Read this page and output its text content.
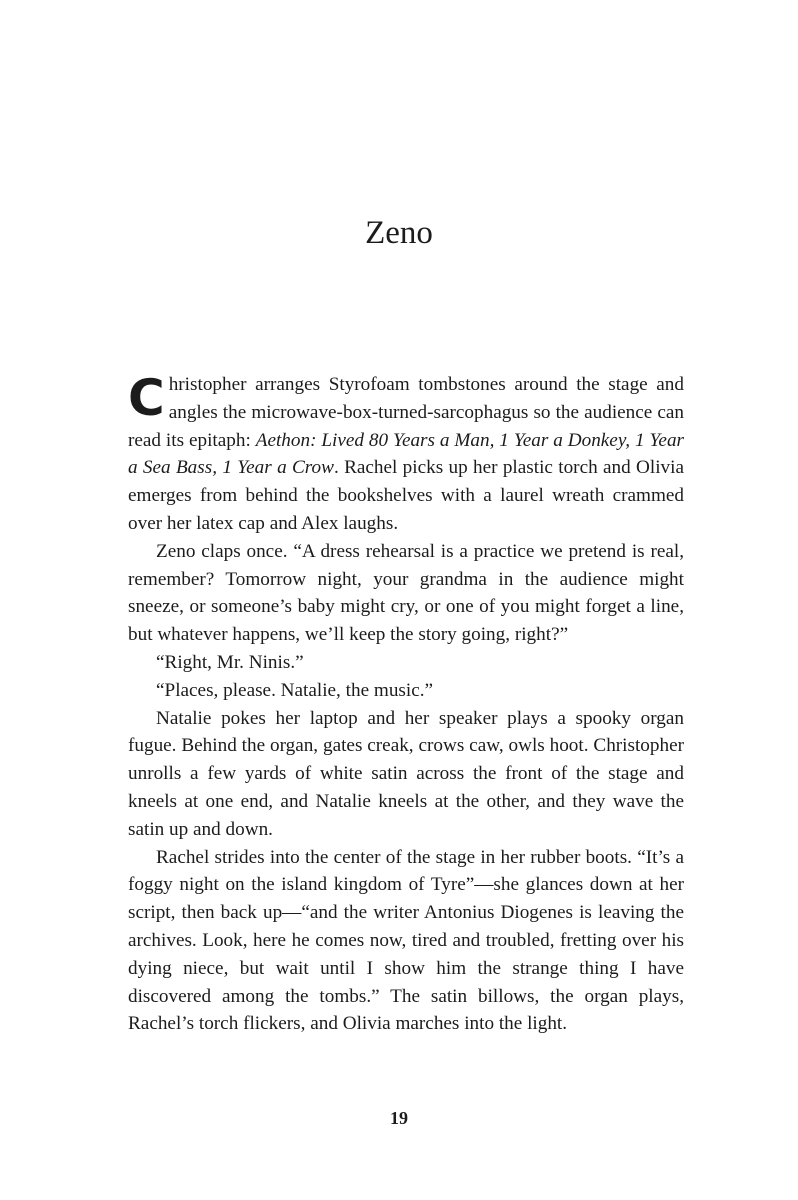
Zeno

Christopher arranges Styrofoam tombstones around the stage and angles the microwave-box-turned-sarcophagus so the audience can read its epitaph: Aethon: Lived 80 Years a Man, 1 Year a Donkey, 1 Year a Sea Bass, 1 Year a Crow. Rachel picks up her plastic torch and Olivia emerges from behind the bookshelves with a laurel wreath crammed over her latex cap and Alex laughs.

Zeno claps once. “A dress rehearsal is a practice we pretend is real, remember? Tomorrow night, your grandma in the audience might sneeze, or someone’s baby might cry, or one of you might forget a line, but whatever happens, we’ll keep the story going, right?”

“Right, Mr. Ninis.”

“Places, please. Natalie, the music.”

Natalie pokes her laptop and her speaker plays a spooky organ fugue. Behind the organ, gates creak, crows caw, owls hoot. Christopher unrolls a few yards of white satin across the front of the stage and kneels at one end, and Natalie kneels at the other, and they wave the satin up and down.

Rachel strides into the center of the stage in her rubber boots. “It’s a foggy night on the island kingdom of Tyre”—she glances down at her script, then back up—“and the writer Antonius Diogenes is leaving the archives. Look, here he comes now, tired and troubled, fretting over his dying niece, but wait until I show him the strange thing I have discovered among the tombs.” The satin billows, the organ plays, Rachel’s torch flickers, and Olivia marches into the light.

19
